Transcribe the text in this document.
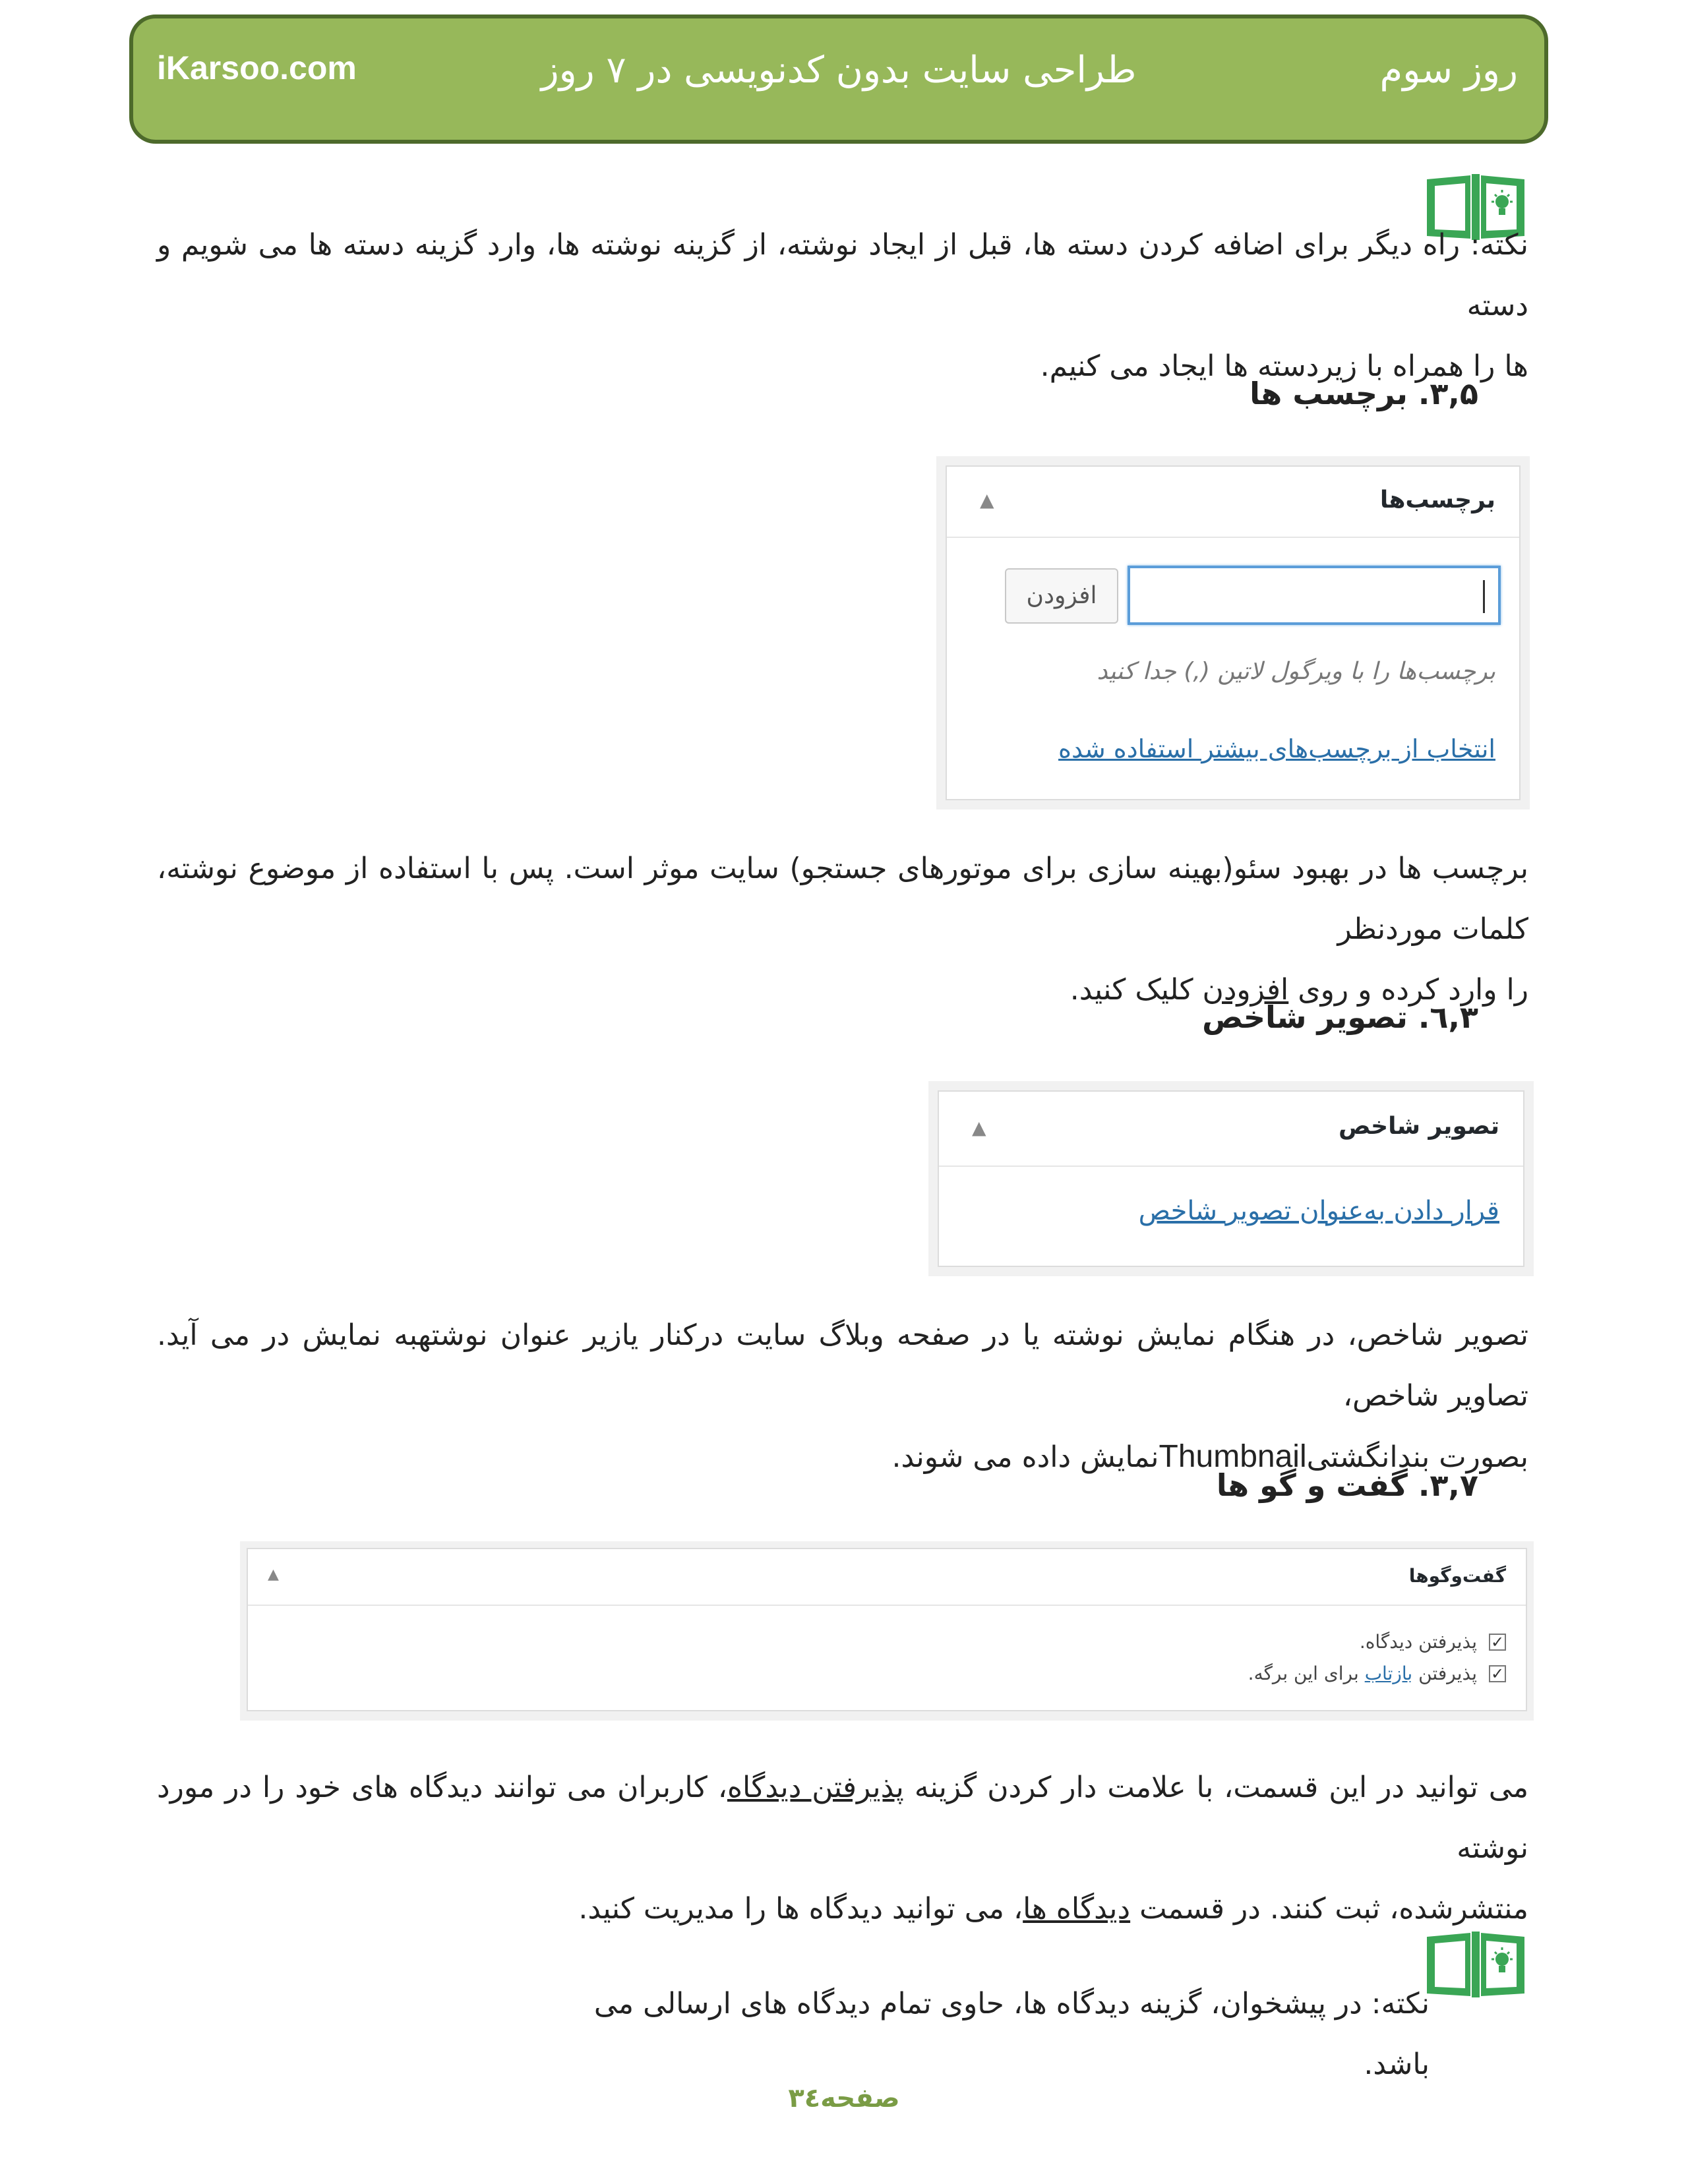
iKarsoo.com	طراحی سایت بدون کدنویسی در ۷ روز	روز سوم
نکته: راه دیگر برای اضافه کردن دسته ها، قبل از ایجاد نوشته، از گزینه نوشته ها، وارد گزینه دسته ها می شویم و دسته
ها را همراه با زیردسته ها ایجاد می کنیم.
۳,۵. برچسب ها
برچسب‌ها
▲
افزودن
برچسب‌ها را با ویرگول لاتین (,) جدا کنید
انتخاب از برچسب‌های بیشتر استفاده شده
برچسب ها در بهبود سئو(بهینه سازی برای موتورهای جستجو) سایت موثر است. پس با استفاده از موضوع نوشته، کلمات موردنظر
را وارد کرده و روی افزودن کلیک کنید.
۳,٦. تصویر شاخص
تصویر شاخص
▲
قرار دادن به‌عنوان تصویر شاخص
تصویر شاخص، در هنگام نمایش نوشته یا در صفحه وبلاگ سایت درکنار یازیر عنوان نوشتهبه نمایش در می آید. تصاویر شاخص،
بصورت بندانگشتیThumbnailنمایش داده می شوند.
۳,۷. گفت و گو ها
گفت‌وگوها
▲
✓
پذیرفتن دیدگاه.
✓
پذیرفتن بازتاب برای این برگه.
می توانید در این قسمت، با علامت دار کردن گزینه پذیرفتن دیدگاه، کاربران می توانند دیدگاه های خود را در مورد نوشته
منتشرشده، ثبت کنند. در قسمت دیدگاه ها، می توانید دیدگاه ها را مدیریت کنید.
نکته: در پیشخوان، گزینه دیدگاه ها، حاوی تمام دیدگاه های ارسالی می باشد.
صفحه۳٤
